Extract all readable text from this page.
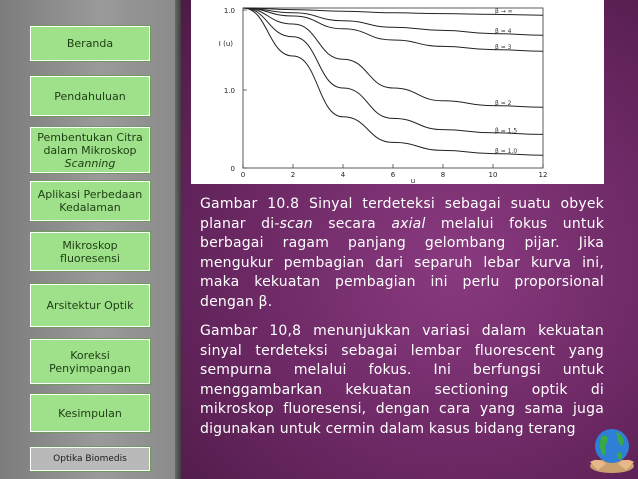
Beranda
Pendahuluan
Pembentukan Citra
dalam Mikroskop
Scanning
Aplikasi Perbedaan
Kedalaman
Mikroskop
fluoresensi
Arsitektur Optik
Koreksi
Penyimpangan
Kesimpulan
Optika Biomedis
0	2	4	6	8	10	12
u
1.0
1.0
0
I (u)
β → ∞
β = 4
β = 3
β = 2
β = 1.5
β = 1.0
Gambar 10.8 Sinyal terdeteksi sebagai suatu obyek planar di-scan secara axial melalui fokus untuk berbagai ragam panjang gelombang pijar. Jika mengukur pembagian dari separuh lebar kurva ini, maka kekuatan pembagian ini perlu proporsional dengan β.
Gambar 10,8 menunjukkan variasi dalam kekuatan sinyal terdeteksi sebagai lembar fluorescent yang sempurna melalui fokus. Ini berfungsi untuk menggambarkan kekuatan sectioning optik di mikroskop fluoresensi, dengan cara yang sama juga digunakan untuk cermin dalam kasus bidang terang
